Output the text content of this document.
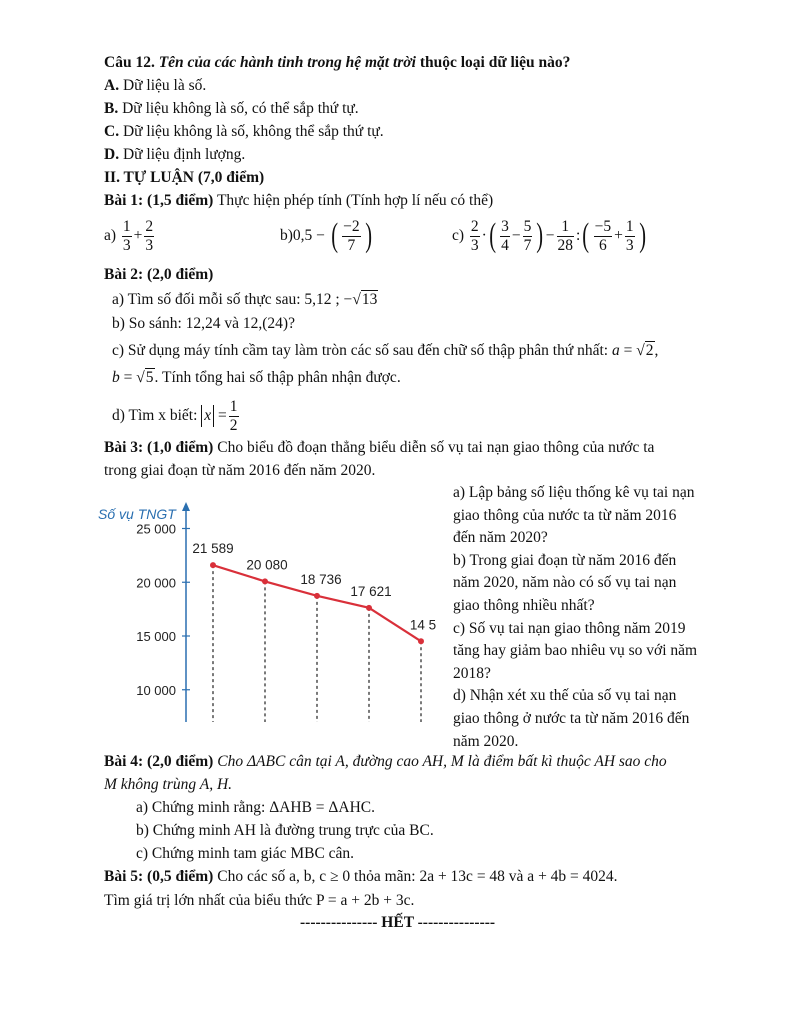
Câu 12. Tên của các hành tinh trong hệ mặt trời thuộc loại dữ liệu nào?
A. Dữ liệu là số.
B. Dữ liệu không là số, có thể sắp thứ tự.
C. Dữ liệu không là số, không thể sắp thứ tự.
D. Dữ liệu định lượng.
II. TỰ LUẬN (7,0 điểm)
Bài 1: (1,5 điểm) Thực hiện phép tính (Tính hợp lí nếu có thể)
a)
$\frac{1}{3} + \frac{2}{3}$	b) 0,5 − ( $\frac{-2}{7}$ )	c)
$\frac{2}{3}$ · ( $\frac{3}{4} - \frac{5}{7}$ ) − $\frac{1}{28}$ : ( $\frac{-5}{6} + \frac{1}{3}$ )
Bài 2: (2,0 điểm)
a) Tìm số đối mỗi số thực sau: 5,12 ; −√13
b) So sánh: 12,24 và 12,(24)?
c) Sử dụng máy tính cầm tay làm tròn các số sau đến chữ số thập phân thứ nhất: a = √2,
b = √5. Tính tổng hai số thập phân nhận được.
d) Tìm x biết:
$x = \frac{1}{2}$
Bài 3: (1,0 điểm) Cho biểu đồ đoạn thẳng biểu diễn số vụ tai nạn giao thông của nước ta
trong giai đoạn từ năm 2016 đến năm 2020.
a) Lập bảng số liệu thống kê vụ tai nạn
giao thông của nước ta từ năm 2016
đến năm 2020?
b) Trong giai đoạn từ năm 2016 đến
năm 2020, năm nào có số vụ tai nạn
giao thông nhiều nhất?
c) Số vụ tai nạn giao thông năm 2019
tăng hay giảm bao nhiêu vụ so với năm
2018?
d) Nhận xét xu thế của số vụ tai nạn
giao thông ở nước ta từ năm 2016 đến
năm 2020.
Số vụ TNGT
10 000
15 000
20 000
25 000
21 589
20 080
18 736
17 621
14 5
Bài 4: (2,0 điểm) Cho ΔABC cân tại A, đường cao AH, M là điểm bất kì thuộc AH sao cho
M không trùng A, H.
a) Chứng minh rằng: ΔAHB = ΔAHC.
b) Chứng minh AH là đường trung trực của BC.
c) Chứng minh tam giác MBC cân.
Bài 5: (0,5 điểm) Cho các số a, b, c ≥ 0 thỏa mãn: 2a + 13c = 48 và a + 4b = 4024.
Tìm giá trị lớn nhất của biểu thức P = a + 2b + 3c.
--------------- HẾT ---------------
